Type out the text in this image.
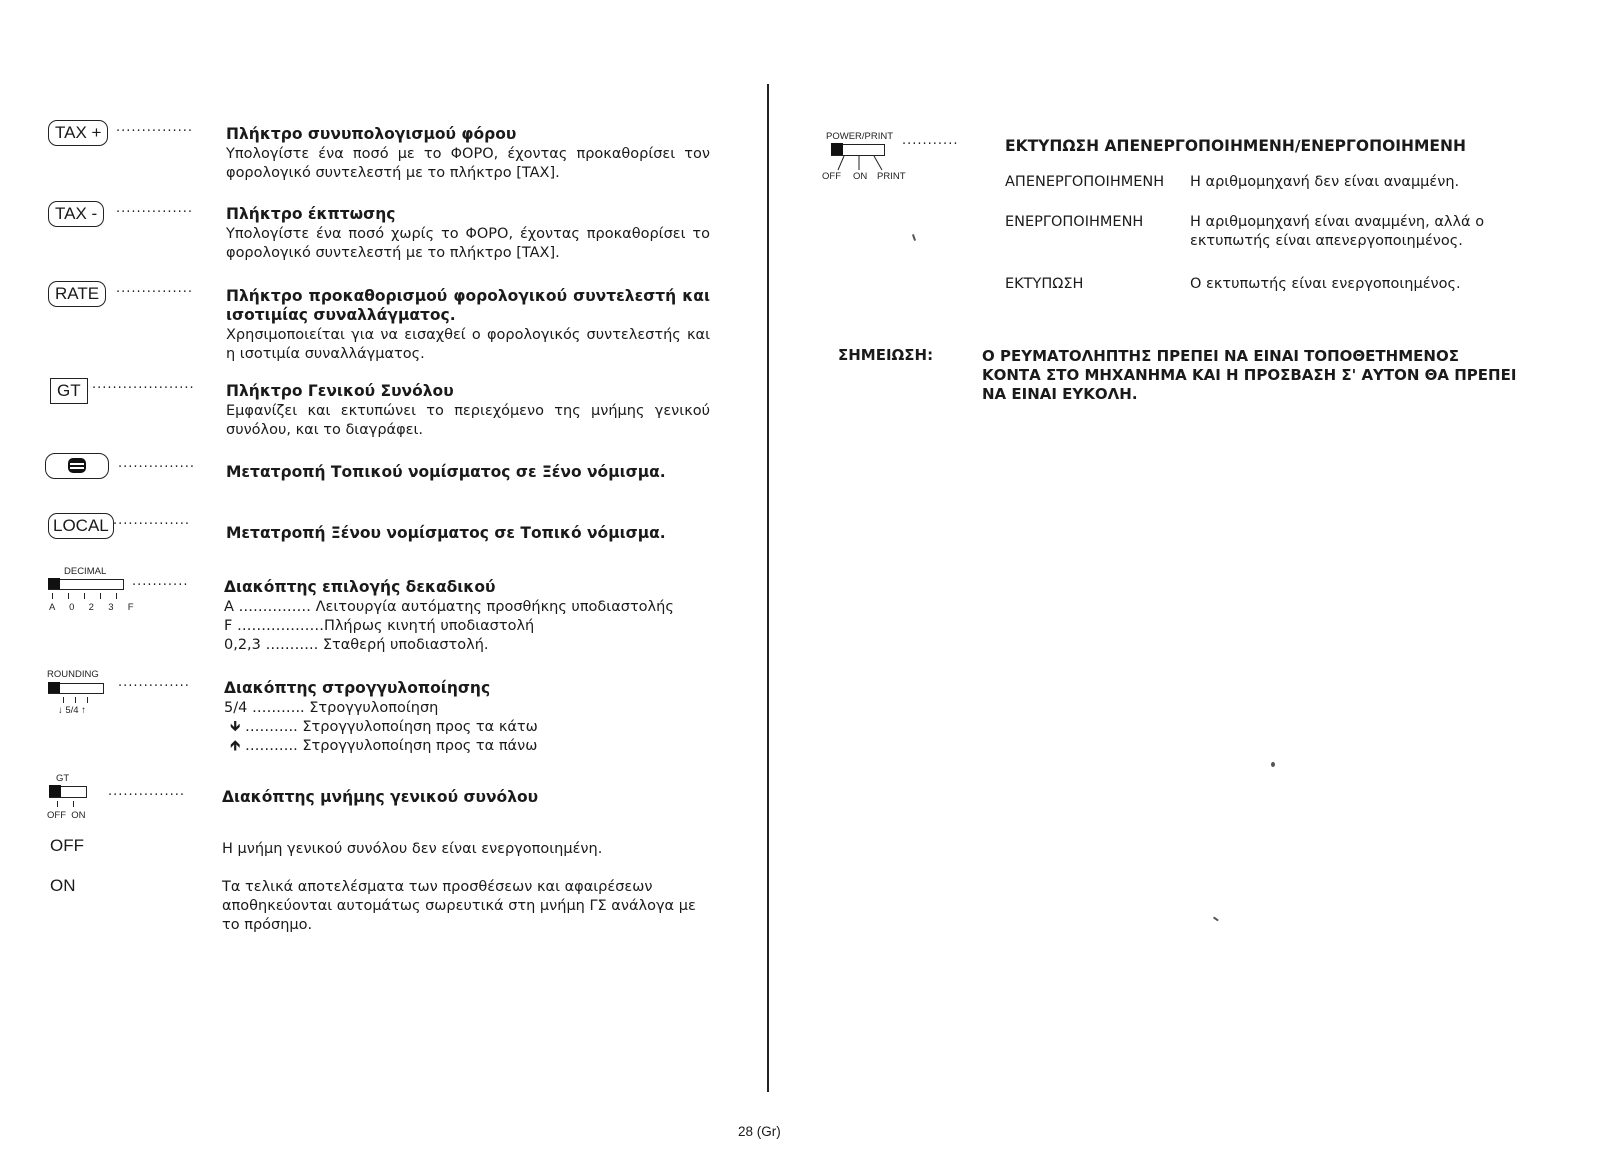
TAX +	··············· Πλήκτρο συνυπολογισμού φόρου
Υπολογίστε ένα ποσό με το ΦΟΡΟ, έχοντας προκαθορίσει τον φορολογικό συντελεστή με το πλήκτρο [TAX].
TAX -	··············· Πλήκτρο έκπτωσης
Υπολογίστε ένα ποσό χωρίς το ΦΟΡΟ, έχοντας προκαθορίσει το φορολογικό συντελεστή με το πλήκτρο [TAX].
RATE	··············· Πλήκτρο προκαθορισμού φορολογικού συντελεστή και ισοτιμίας συναλλάγματος.
Χρησιμοποιείται για να εισαχθεί ο φορολογικός συντελεστής και η ισοτιμία συναλλάγματος.
GT ···················· Πλήκτρο Γενικού Συνόλου
Εμφανίζει και εκτυπώνει το περιεχόμενο της μνήμης γενικού συνόλου, και το διαγράφει.
··············· Μετατροπή Τοπικού νομίσματος σε Ξένο νόμισμα.
LOCAL ··············· Μετατροπή Ξένου νομίσματος σε Τοπικό νόμισμα.
DECIMAL
A  0  2  3  F
··········· Διακόπτης επιλογής δεκαδικού
A …………… Λειτουργία αυτόματης προσθήκης υποδιαστολής
F ………………Πλήρως κινητή υποδιαστολή
0,2,3 ……….. Σταθερή υποδιαστολή.
ROUNDING
↓ 5/4 ↑
·············· Διακόπτης στρογγυλοποίησης
5/4 ……….. Στρογγυλοποίηση
🡻 ……….. Στρογγυλοποίηση προς τα κάτω
🡹 ……….. Στρογγυλοποίηση προς τα πάνω
GT
OFF  ON
··············· Διακόπτης μνήμης γενικού συνόλου
OFF	Η μνήμη γενικού συνόλου δεν είναι ενεργοποιημένη.
ON	Τα τελικά αποτελέσματα των προσθέσεων και αφαιρέσεων αποθηκεύονται αυτομάτως σωρευτικά στη μνήμη ΓΣ ανάλογα με το πρόσημο.
POWER/PRINT
OFF ON PRINT
···········	ΕΚΤΥΠΩΣΗ ΑΠΕΝΕΡΓΟΠΟΙΗΜΕΝΗ/ΕΝΕΡΓΟΠΟΙΗΜΕΝΗ
ΑΠΕΝΕΡΓΟΠΟΙΗΜΕΝΗ	Η αριθμομηχανή δεν είναι αναμμένη.
ΕΝΕΡΓΟΠΟΙΗΜΕΝΗ	Η αριθμομηχανή είναι αναμμένη, αλλά ο εκτυπωτής είναι απενεργοποιημένος.
ΕΚΤΥΠΩΣΗ	Ο εκτυπωτής είναι ενεργοποιημένος.
ΣΗΜΕΙΩΣΗ:	Ο ΡΕΥΜΑΤΟΛΗΠΤΗΣ ΠΡΕΠΕΙ ΝΑ ΕΙΝΑΙ ΤΟΠΟΘΕΤΗΜΕΝΟΣ ΚΟΝΤΑ ΣΤΟ ΜΗΧΑΝΗΜΑ ΚΑΙ Η ΠΡΟΣΒΑΣΗ Σ' ΑΥΤΟΝ ΘΑ ΠΡΕΠΕΙ ΝΑ ΕΙΝΑΙ ΕΥΚΟΛΗ.
28 (Gr)
